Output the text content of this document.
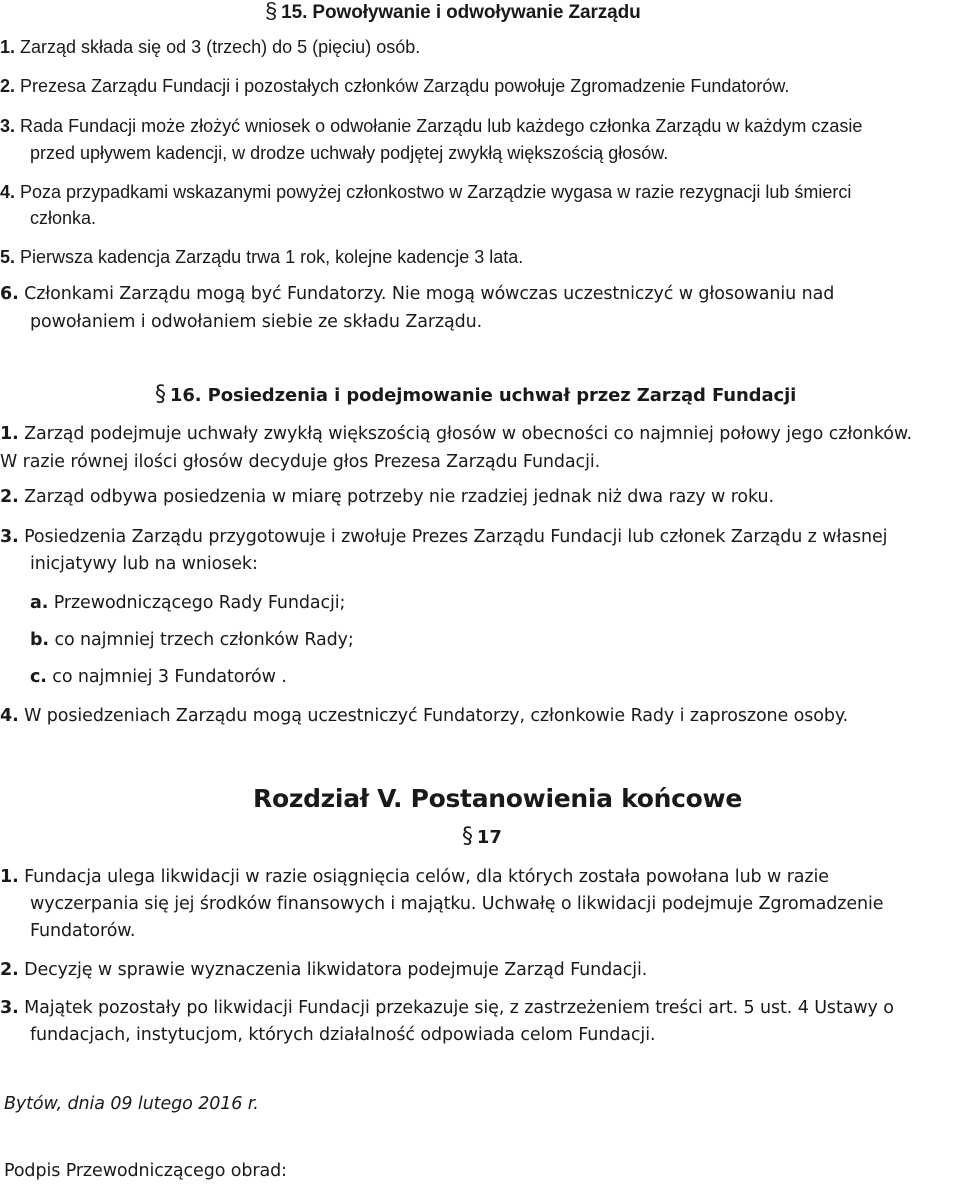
§ 15. Powoływanie i odwoływanie Zarządu
1. Zarząd składa się od 3 (trzech) do 5 (pięciu) osób.
2. Prezesa Zarządu Fundacji i pozostałych członków Zarządu powołuje Zgromadzenie Fundatorów.
3. Rada Fundacji może złożyć wniosek o odwołanie Zarządu lub każdego członka Zarządu w każdym czasie
przed upływem kadencji, w drodze uchwały podjętej zwykłą większością głosów.
4. Poza przypadkami wskazanymi powyżej członkostwo w Zarządzie wygasa w razie rezygnacji lub śmierci
członka.
5. Pierwsza kadencja Zarządu trwa 1 rok, kolejne kadencje 3 lata.
6. Członkami Zarządu mogą być Fundatorzy. Nie mogą wówczas uczestniczyć w głosowaniu nad
powołaniem i odwołaniem siebie ze składu Zarządu.
§ 16. Posiedzenia i podejmowanie uchwał przez Zarząd Fundacji
1. Zarząd podejmuje uchwały zwykłą większością głosów w obecności co najmniej połowy jego członków.
W razie równej ilości głosów decyduje głos Prezesa Zarządu Fundacji.
2. Zarząd odbywa posiedzenia w miarę potrzeby nie rzadziej jednak niż dwa razy w roku.
3. Posiedzenia Zarządu przygotowuje i zwołuje Prezes Zarządu Fundacji lub członek Zarządu z własnej
inicjatywy lub na wniosek:
a. Przewodniczącego Rady Fundacji;
b. co najmniej trzech członków Rady;
c. co najmniej 3 Fundatorów .
4. W posiedzeniach Zarządu mogą uczestniczyć Fundatorzy, członkowie Rady i zaproszone osoby.
Rozdział V. Postanowienia końcowe
§ 17
1. Fundacja ulega likwidacji w razie osiągnięcia celów, dla których została powołana lub w razie
wyczerpania się jej środków finansowych i majątku. Uchwałę o likwidacji podejmuje Zgromadzenie
Fundatorów.
2. Decyzję w sprawie wyznaczenia likwidatora podejmuje Zarząd Fundacji.
3. Majątek pozostały po likwidacji Fundacji przekazuje się, z zastrzeżeniem treści art. 5 ust. 4 Ustawy o
fundacjach, instytucjom, których działalność odpowiada celom Fundacji.
Bytów, dnia 09 lutego 2016 r.
Podpis Przewodniczącego obrad:
